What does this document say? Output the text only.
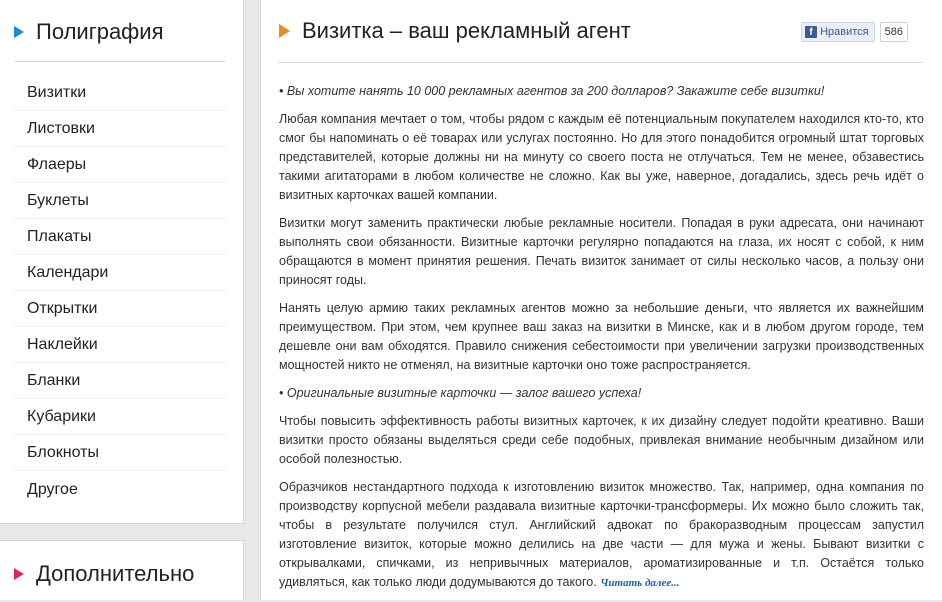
Полиграфия
Визитки
Листовки
Флаеры
Буклеты
Плакаты
Календари
Открытки
Наклейки
Бланки
Кубарики
Блокноты
Другое
Дополнительно
Визитка – ваш рекламный агент	f Нравится	586

• Вы хотите нанять 10 000 рекламных агентов за 200 долларов? Закажите себе визитки!

Любая компания мечтает о том, чтобы рядом с каждым её потенциальным покупателем находился кто-то, кто смог бы напоминать о её товарах или услугах постоянно. Но для этого понадобится огромный штат торговых представителей, которые должны ни на минуту со своего поста не отлучаться. Тем не менее, обзавестись такими агитаторами в любом количестве не сложно. Как вы уже, наверное, догадались, здесь речь идёт о визитных карточках вашей компании.

Визитки могут заменить практически любые рекламные носители. Попадая в руки адресата, они начинают выполнять свои обязанности. Визитные карточки регулярно попадаются на глаза, их носят с собой, к ним обращаются в момент принятия решения. Печать визиток занимает от силы несколько часов, а пользу они приносят годы.

Нанять целую армию таких рекламных агентов можно за небольшие деньги, что является их важнейшим преимуществом. При этом, чем крупнее ваш заказ на визитки в Минске, как и в любом другом городе, тем дешевле они вам обходятся. Правило снижения себестоимости при увеличении загрузки производственных мощностей никто не отменял, на визитные карточки оно тоже распространяется.

• Оригинальные визитные карточки — залог вашего успеха!

Чтобы повысить эффективность работы визитных карточек, к их дизайну следует подойти креативно. Ваши визитки просто обязаны выделяться среди себе подобных, привлекая внимание необычным дизайном или особой полезностью.

Образчиков нестандартного подхода к изготовлению визиток множество. Так, например, одна компания по производству корпусной мебели раздавала визитные карточки-трансформеры. Их можно было сложить так, чтобы в результате получился стул. Английский адвокат по бракоразводным процессам запустил изготовление визиток, которые можно делились на две части — для мужа и жены. Бывают визитки с открывалками, спичками, из непривычных материалов, ароматизированные и т.п. Остаётся только удивляться, как только люди додумываются до такого. Читать далее...
